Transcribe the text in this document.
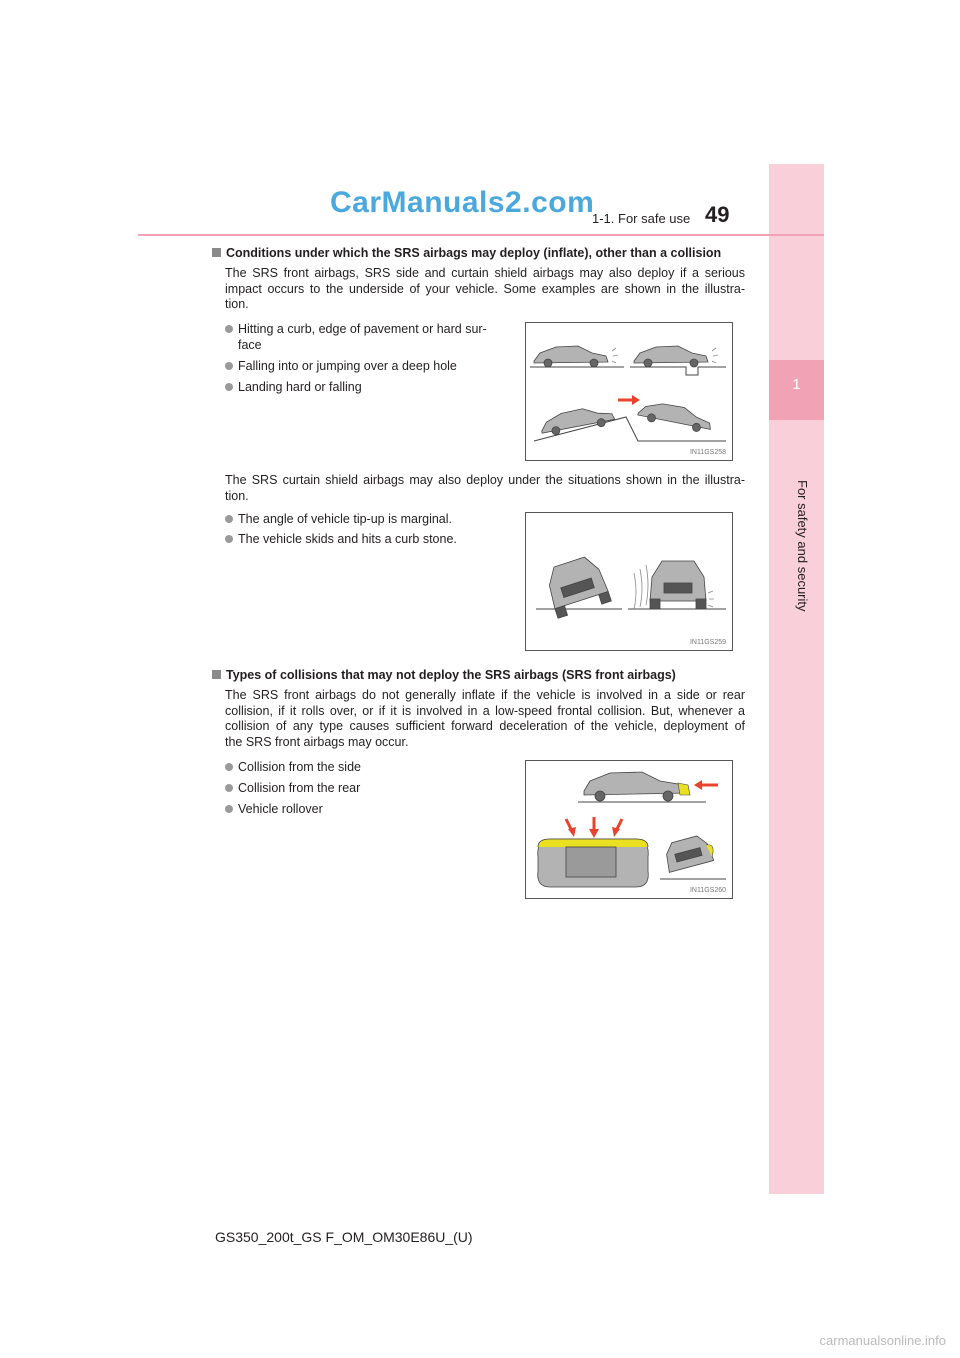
1
For safety and security
CarManuals2.com
1-1. For safe use 49
Conditions under which the SRS airbags may deploy (inflate), other than a collision
The SRS front airbags, SRS side and curtain shield airbags may also deploy if a serious
impact occurs to the underside of your vehicle. Some examples are shown in the illustra-
tion.
Hitting a curb, edge of pavement or hard sur-
face
Falling into or jumping over a deep hole
Landing hard or falling
IN11GS258
The SRS curtain shield airbags may also deploy under the situations shown in the illustra-
tion.
The angle of vehicle tip-up is marginal.
The vehicle skids and hits a curb stone.
IN11GS259
Types of collisions that may not deploy the SRS airbags (SRS front airbags)
The SRS front airbags do not generally inflate if the vehicle is involved in a side or rear
collision, if it rolls over, or if it is involved in a low-speed frontal collision. But, whenever a
collision of any type causes sufficient forward deceleration of the vehicle, deployment of
the SRS front airbags may occur.
Collision from the side
Collision from the rear
Vehicle rollover
IN11GS260
GS350_200t_GS F_OM_OM30E86U_(U)
carmanualsonline.info
